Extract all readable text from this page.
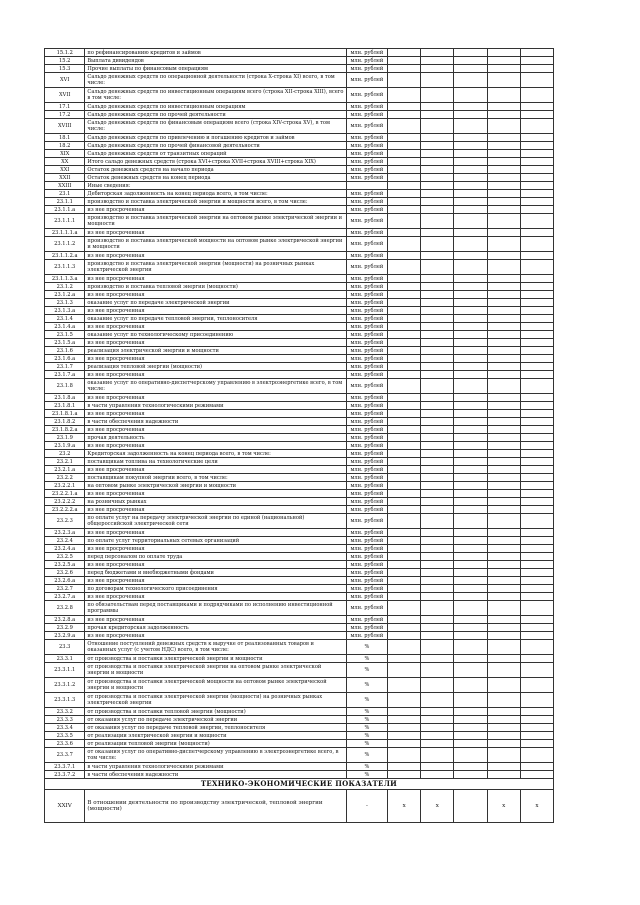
15.1.2	по рефинансированию кредитов и займов	млн. рублей					
15.2	Выплата дивидендов	млн. рублей					
15.3	Прочие выплаты по финансовым операциям	млн. рублей					
XVI	Сальдо денежных средств по операционной деятельности (строка X-строка XI) всего, в том числе:	млн. рублей					
XVII	Сальдо денежных средств по инвестиционным операциям всего (строка XII-строка XIII), всего в том числе:	млн. рублей					
17.1	Сальдо денежных средств по инвестиционным операциям	млн. рублей					
17.2	Сальдо денежных средств по прочей деятельности	млн. рублей					
XVIII	Сальдо денежных средств по финансовым операциям всего (строка XIV-строка XV), в том числе:	млн. рублей					
18.1	Сальдо денежных средств по привлечению и погашению кредитов и займов	млн. рублей					
18.2	Сальдо денежных средств по прочей финансовой деятельности	млн. рублей					
XIX	Сальдо денежных средств от транзитных операций	млн. рублей					
XX	Итого сальдо денежных средств (строка XVI+строка XVII+строка XVIII+строка XIX)	млн. рублей					
XXI	Остаток денежных средств на начало периода	млн. рублей					
XXII	Остаток денежных средств на конец периода	млн. рублей					
XXIII	Иные сведения:						
23.1	Дебиторская задолженность на конец периода всего, в том числе:	млн. рублей					
23.1.1	производство и поставка электрической энергии и мощности всего, в том числе:	млн. рублей					
23.1.1.а	из нее просроченная	млн. рублей					
23.1.1.1	производство и поставка электрической энергии на оптовом рынке электрической энергии и мощности	млн. рублей					
23.1.1.1.а	из нее просроченная	млн. рублей					
23.1.1.2	производство и поставка электрической мощности на оптовом рынке электрической энергии и мощности	млн. рублей					
23.1.1.2.а	из нее просроченная	млн. рублей					
23.1.1.3	производство и поставка электрической энергии (мощности) на розничных рынках электрической энергии	млн. рублей					
23.1.1.3.а	из нее просроченная	млн. рублей					
23.1.2	производство и поставка тепловой энергии (мощности)	млн. рублей					
23.1.2.а	из нее просроченная	млн. рублей					
23.1.3	оказание услуг по передаче электрической энергии	млн. рублей					
23.1.3.а	из нее просроченная	млн. рублей					
23.1.4	оказание услуг по передаче тепловой энергии, теплоносителя	млн. рублей					
23.1.4.а	из нее просроченная	млн. рублей					
23.1.5	оказание услуг по технологическому присоединению	млн. рублей					
23.1.5.а	из нее просроченная	млн. рублей					
23.1.6	реализация электрической энергии и мощности	млн. рублей					
23.1.6.а	из нее просроченная	млн. рублей					
23.1.7	реализация тепловой энергии (мощности)	млн. рублей					
23.1.7.а	из нее просроченная	млн. рублей					
23.1.8	оказание услуг по оперативно-диспетчерскому управлению в электроэнергетике всего, в том числе:	млн. рублей					
23.1.8.а	из нее просроченная	млн. рублей					
23.1.8.1	в части управления технологическими режимами	млн. рублей					
23.1.8.1.а	из нее просроченная	млн. рублей					
23.1.8.2	в части обеспечения надежности	млн. рублей					
23.1.8.2.а	из нее просроченная	млн. рублей					
23.1.9	прочая деятельность	млн. рублей					
23.1.9.а	из нее просроченная	млн. рублей					
23.2	Кредиторская задолженность на конец периода всего, в том числе:	млн. рублей					
23.2.1	поставщикам топлива на технологические цели	млн. рублей					
23.2.1.а	из нее просроченная	млн. рублей					
23.2.2	поставщикам покупной энергии всего, в том числе:	млн. рублей					
23.2.2.1	на оптовом рынке электрической энергии и мощности	млн. рублей					
23.2.2.1.а	из нее просроченная	млн. рублей					
23.2.2.2	на розничных рынках	млн. рублей					
23.2.2.2.а	из нее просроченная	млн. рублей					
23.2.3	по оплате услуг на передачу электрической энергии по единой (национальной) общероссийской электрической сети	млн. рублей					
23.2.3.а	из нее просроченная	млн. рублей					
23.2.4	по оплате услуг территориальных сетевых организаций	млн. рублей					
23.2.4.а	из нее просроченная	млн. рублей					
23.2.5	перед персоналом по оплате труда	млн. рублей					
23.2.5.а	из нее просроченная	млн. рублей					
23.2.6	перед бюджетами и внебюджетными фондами	млн. рублей					
23.2.6.а	из нее просроченная	млн. рублей					
23.2.7	по договорам технологического присоединения	млн. рублей					
23.2.7.а	из нее просроченная	млн. рублей					
23.2.8	по обязательствам перед поставщиками и подрядчиками по исполнению инвестиционной программы	млн. рублей					
23.2.8.а	из нее просроченная	млн. рублей					
23.2.9	прочая кредиторская задолженность	млн. рублей					
23.2.9.а	из нее просроченная	млн. рублей					
23.3	Отношение поступлений денежных средств к выручке от реализованных товаров и оказанных услуг (с учетом НДС) всего, в том числе:	%					
23.3.1	от производства и поставки электрической энергии и мощности	%					
23.3.1.1	от производства и поставки электрической энергии на оптовом рынке электрической энергии и мощности	%					
23.3.1.2	от производства и поставки электрической мощности на оптовом рынке электрической энергии и мощности	%					
23.3.1.3	от производства и поставки электрической энергии (мощности) на розничных рынках электрической энергии	%					
23.3.2	от производства и поставки тепловой энергии (мощности)	%					
23.3.3	от оказания услуг по передаче электрической энергии	%					
23.3.4	от оказания услуг по передаче тепловой энергии, теплоносителя	%					
23.3.5	от реализации электрической энергии и мощности	%					
23.3.6	от реализации тепловой энергии (мощности)	%					
23.3.7	от оказания услуг по оперативно-диспетчерскому управлению в электроэнергетике всего, в том числе:	%					
23.3.7.1	в части управления технологическими режимами	%					
23.3.7.2	в части обеспечения надежности	%					
ТЕХНИКО-ЭКОНОМИЧЕСКИЕ ПОКАЗАТЕЛИ							
XXIV	В отношении деятельности по производству электрической, тепловой энергии (мощности)	-	x	x		x	x
